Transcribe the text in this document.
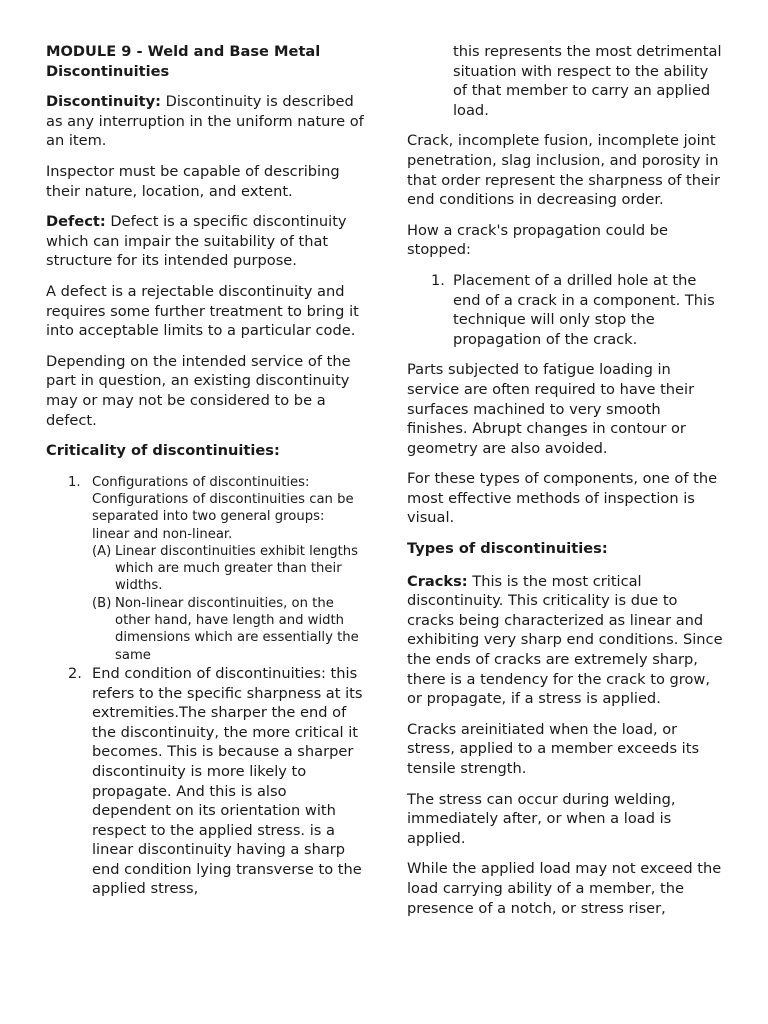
MODULE 9 - Weld and Base Metal Discontinuities

Discontinuity: Discontinuity is described as any interruption in the uniform nature of an item.

Inspector must be capable of describing their nature, location, and extent.

Defect: Defect is a specific discontinuity which can impair the suitability of that structure for its intended purpose.

A defect is a rejectable discontinuity and requires some further treatment to bring it into acceptable limits to a particular code.

Depending on the intended service of the part in question, an existing discontinuity may or may not be considered to be a defect.

Criticality of discontinuities:

1. Configurations of discontinuities: Configurations of discontinuities can be separated into two general groups: linear and non-linear.
(A) Linear discontinuities exhibit lengths which are much greater than their widths.
(B) Non-linear discontinuities, on the other hand, have length and width dimensions which are essentially the same
2. End condition of discontinuities: this refers to the specific sharpness at its extremities.The sharper the end of the discontinuity, the more critical it becomes. This is because a sharper discontinuity is more likely to propagate. And this is also dependent on its orientation with respect to the applied stress. is a linear discontinuity having a sharp end condition lying transverse to the applied stress,
this represents the most detrimental situation with respect to the ability of that member to carry an applied load.

Crack, incomplete fusion, incomplete joint penetration, slag inclusion, and porosity in that order represent the sharpness of their end conditions in decreasing order.

How a crack's propagation could be stopped:

1. Placement of a drilled hole at the end of a crack in a component. This technique will only stop the propagation of the crack.

Parts subjected to fatigue loading in service are often required to have their surfaces machined to very smooth finishes. Abrupt changes in contour or geometry are also avoided.

For these types of components, one of the most effective methods of inspection is visual.

Types of discontinuities:

Cracks: This is the most critical discontinuity. This criticality is due to cracks being characterized as linear and exhibiting very sharp end conditions. Since the ends of cracks are extremely sharp, there is a tendency for the crack to grow, or propagate, if a stress is applied.

Cracks areinitiated when the load, or stress, applied to a member exceeds its tensile strength.

The stress can occur during welding, immediately after, or when a load is applied.

While the applied load may not exceed the load carrying ability of a member, the presence of a notch, or stress riser,
